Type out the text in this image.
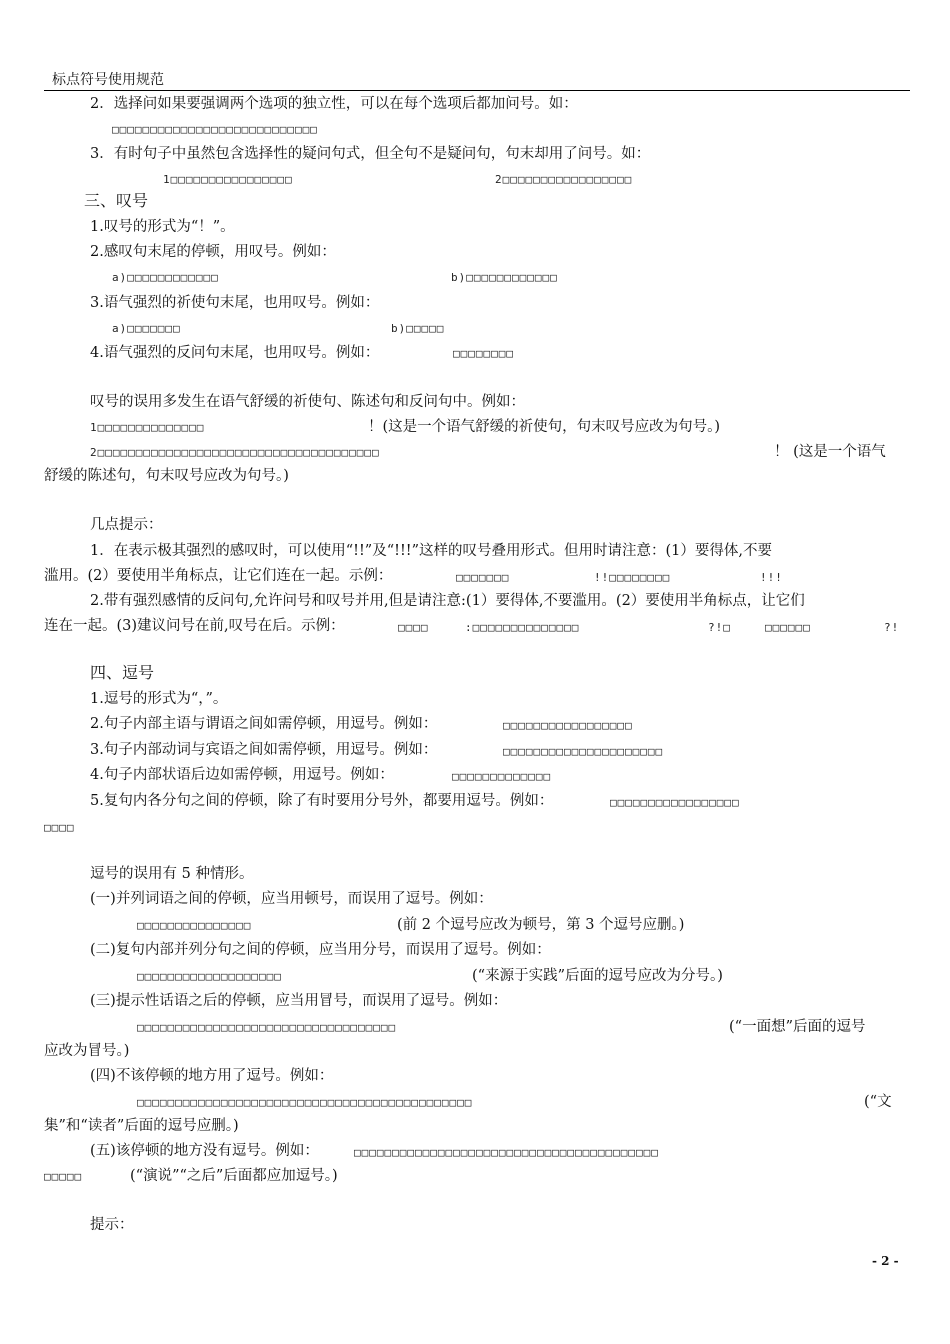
标点符号使用规范
2．选择问如果要强调两个选项的独立性，可以在每个选项后都加问号。如：
□□□□□□□□□□□□□□□□□□□□□□□□□□□
3．有时句子中虽然包含选择性的疑问句式，但全句不是疑问句，句末却用了问号。如：
1□□□□□□□□□□□□□□□□	2□□□□□□□□□□□□□□□□□
三、叹号
1.叹号的形式为“！”。
2.感叹句末尾的停顿，用叹号。例如：
a)□□□□□□□□□□□□	b)□□□□□□□□□□□□
3.语气强烈的祈使句末尾，也用叹号。例如：
a)□□□□□□□	b)□□□□□
4.语气强烈的反问句末尾，也用叹号。例如：	□□□□□□□□
叹号的误用多发生在语气舒缓的祈使句、陈述句和反问句中。例如：
1□□□□□□□□□□□□□□	！(这是一个语气舒缓的祈使句，句末叹号应改为句号。)
2□□□□□□□□□□□□□□□□□□□□□□□□□□□□□□□□□□□□□	！ (这是一个语气
舒缓的陈述句，句末叹号应改为句号。)
几点提示：
1．在表示极其强烈的感叹时，可以使用“!!”及“!!!”这样的叹号叠用形式。但用时请注意：(1）要得体,不要
滥用。(2）要使用半角标点，让它们连在一起。示例：	□□□□□□□	!!□□□□□□□□	!!!
2.带有强烈感情的反问句,允许问号和叹号并用,但是请注意:(1）要得体,不要滥用。(2）要使用半角标点，让它们
连在一起。(3)建议问号在前,叹号在后。示例：	□□□□	:□□□□□□□□□□□□□□	?!□	□□□□□□	?!
四、逗号
1.逗号的形式为“，”。
2.句子内部主语与谓语之间如需停顿，用逗号。例如：	□□□□□□□□□□□□□□□□□
3.句子内部动词与宾语之间如需停顿，用逗号。例如：	□□□□□□□□□□□□□□□□□□□□□
4.句子内部状语后边如需停顿，用逗号。例如：	□□□□□□□□□□□□□
5.复句内各分句之间的停顿，除了有时要用分号外，都要用逗号。例如：	□□□□□□□□□□□□□□□□□
□□□□
逗号的误用有 5 种情形。
(一)并列词语之间的停顿，应当用顿号，而误用了逗号。例如：
□□□□□□□□□□□□□□□	(前 2 个逗号应改为顿号，第 3 个逗号应删。)
(二)复句内部并列分句之间的停顿，应当用分号，而误用了逗号。例如：
□□□□□□□□□□□□□□□□□□□	(“来源于实践”后面的逗号应改为分号。)
(三)提示性话语之后的停顿，应当用冒号，而误用了逗号。例如：
□□□□□□□□□□□□□□□□□□□□□□□□□□□□□□□□□□	(“一面想”后面的逗号
应改为冒号。)
(四)不该停顿的地方用了逗号。例如：
□□□□□□□□□□□□□□□□□□□□□□□□□□□□□□□□□□□□□□□□□□□□	(“文
集”和“读者”后面的逗号应删。)
(五)该停顿的地方没有逗号。例如：	□□□□□□□□□□□□□□□□□□□□□□□□□□□□□□□□□□□□□□□□
□□□□□	(“演说”“之后”后面都应加逗号。)
提示：
- 2 -
